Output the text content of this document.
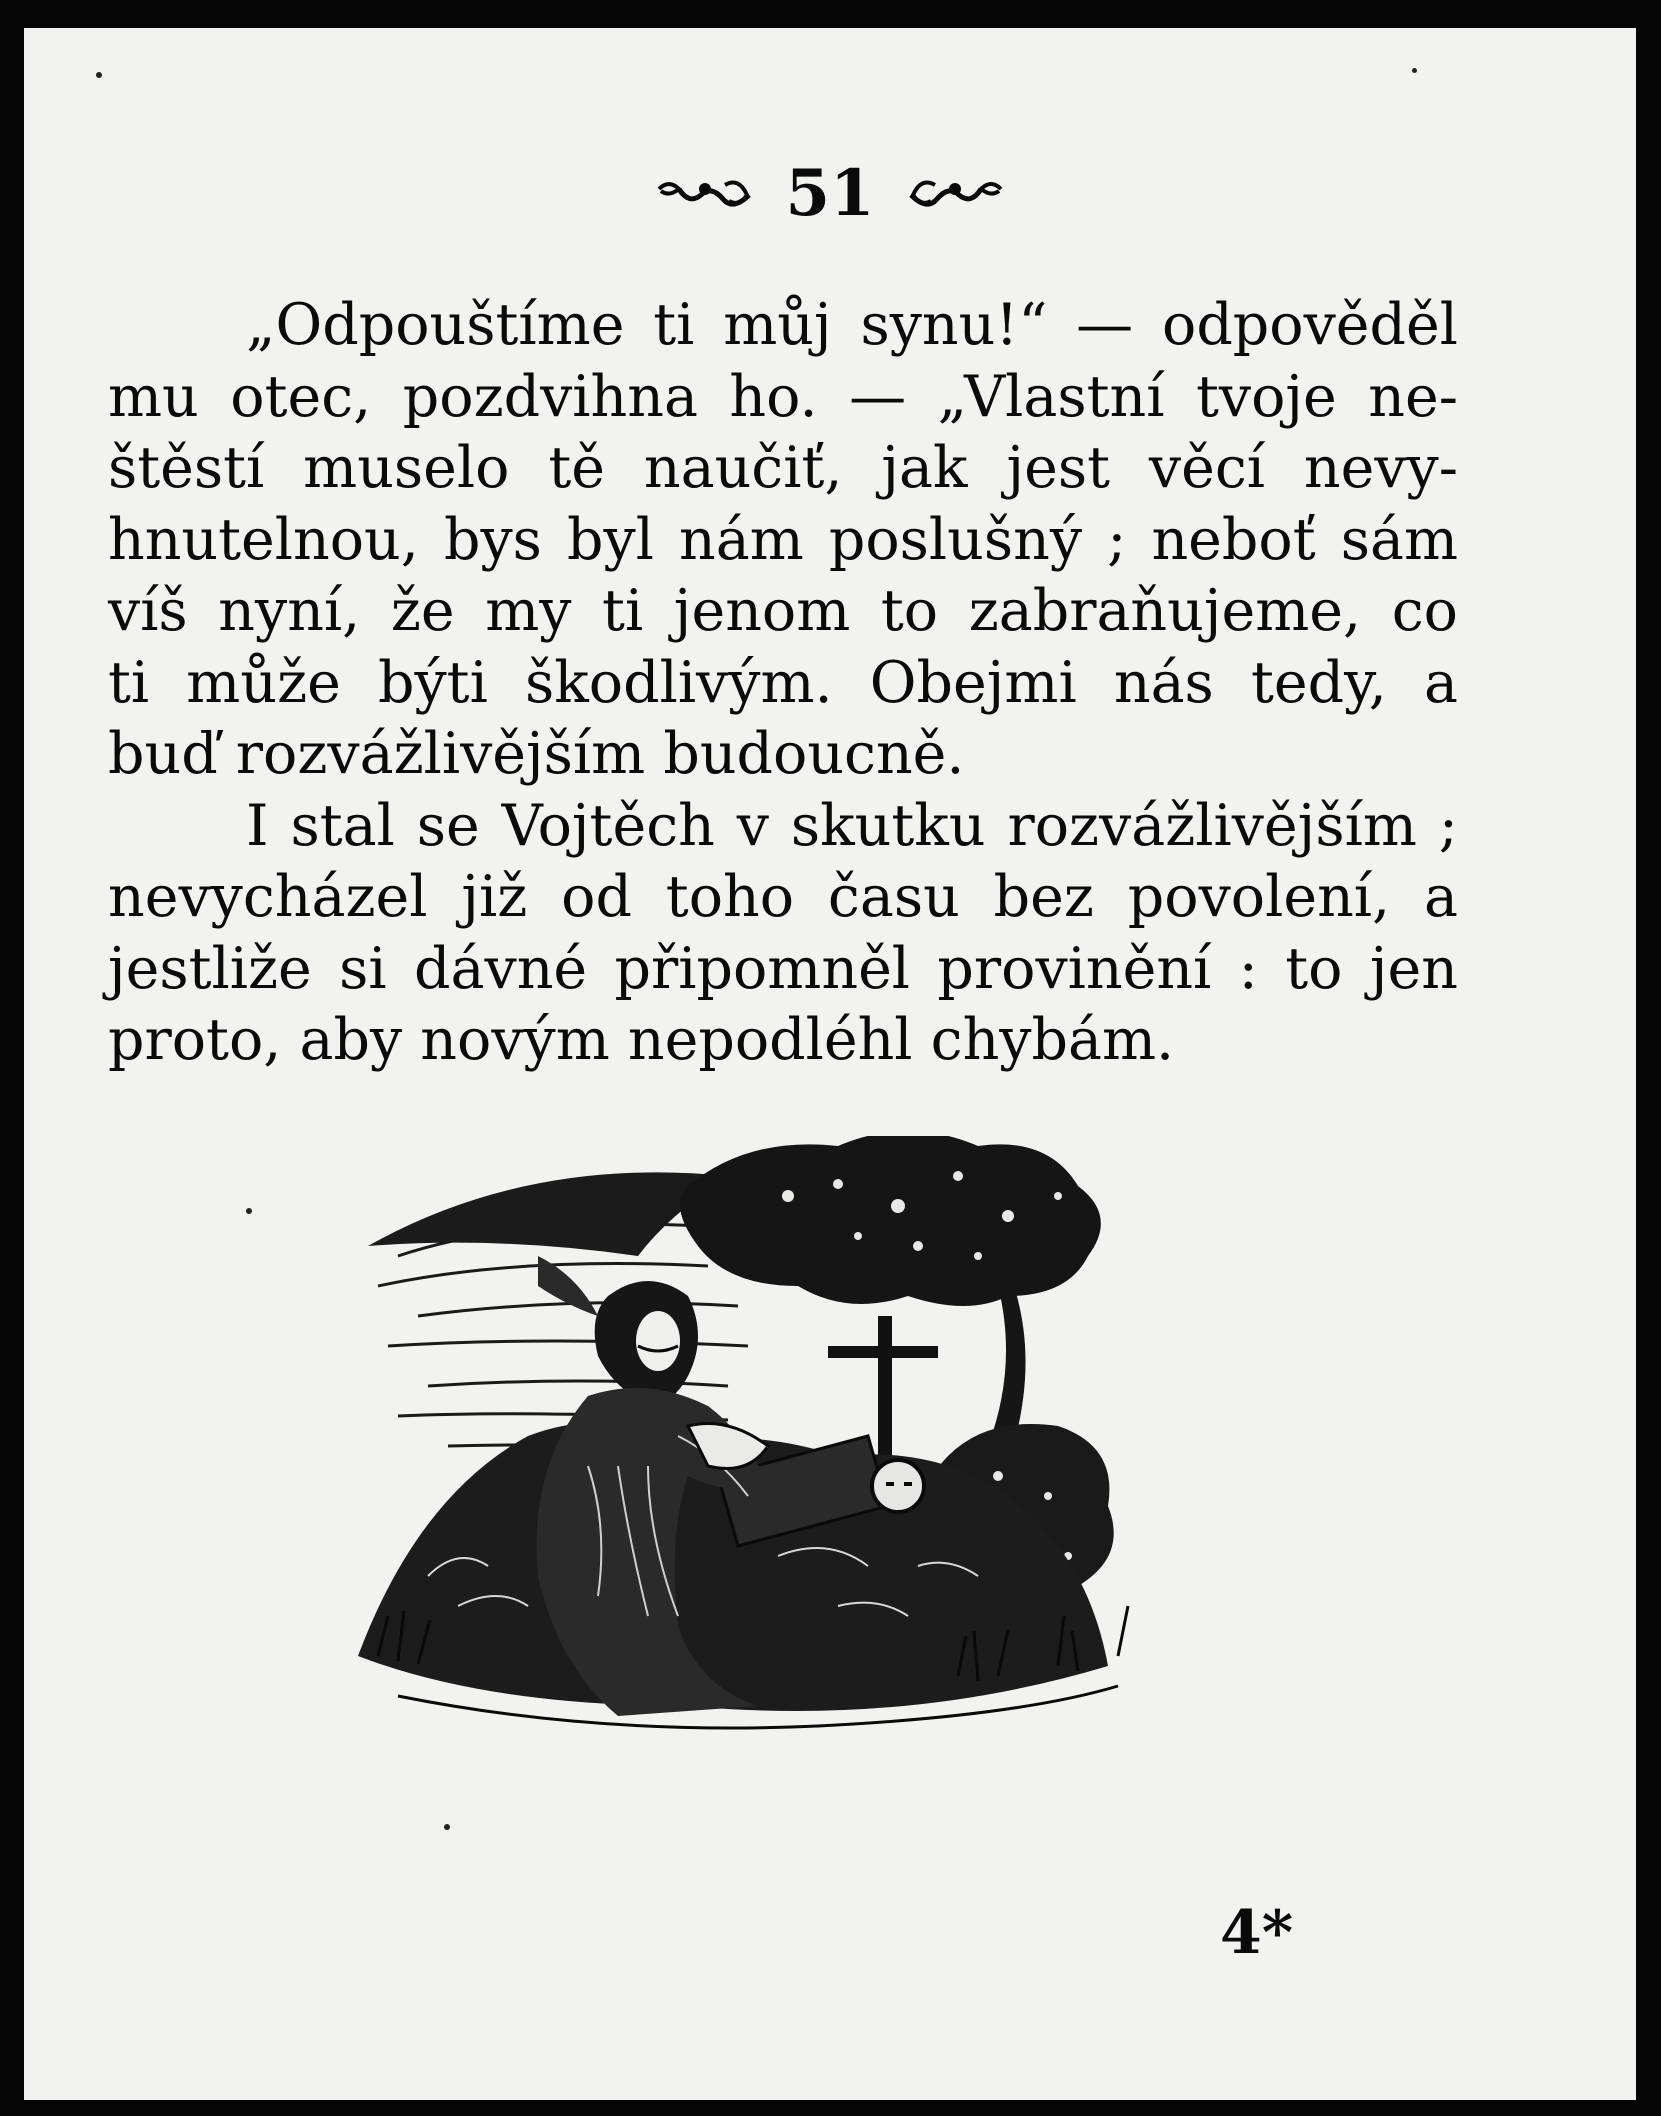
51

„Odpouštíme ti můj synu!“ — odpověděl
mu otec, pozdvihna ho. — „Vlastní tvoje ne-
štěstí muselo tě naučiť, jak jest věcí nevy-
hnutelnou, bys byl nám poslušný ; neboť sám
víš nyní, že my ti jenom to zabraňujeme, co
ti může býti škodlivým. Obejmi nás tedy, a
buď rozvážlivějším budoucně.

I stal se Vojtěch v skutku rozvážlivějším ;
nevycházel již od toho času bez povolení, a
jestliže si dávné připomněl provinění : to jen
proto, aby novým nepodléhl chybám.

4*
